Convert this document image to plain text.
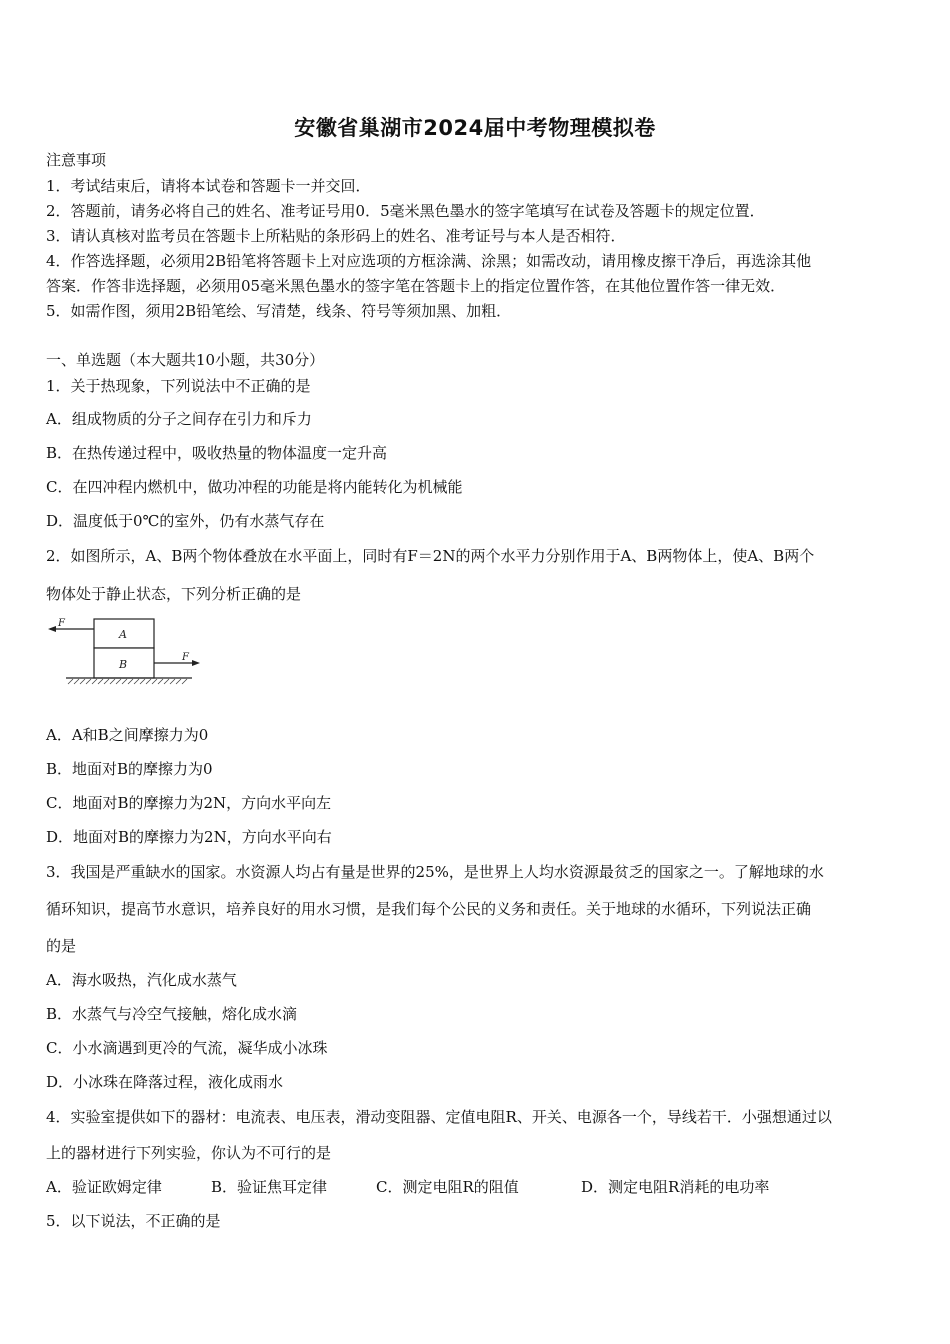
安徽省巢湖市2024届中考物理模拟卷
注意事项
1．考试结束后，请将本试卷和答题卡一并交回．
2．答题前，请务必将自己的姓名、准考证号用0．5毫米黑色墨水的签字笔填写在试卷及答题卡的规定位置．
3．请认真核对监考员在答题卡上所粘贴的条形码上的姓名、准考证号与本人是否相符．
4．作答选择题，必须用2B铅笔将答题卡上对应选项的方框涂满、涂黑；如需改动，请用橡皮擦干净后，再选涂其他
答案．作答非选择题，必须用05毫米黑色墨水的签字笔在答题卡上的指定位置作答，在其他位置作答一律无效．
5．如需作图，须用2B铅笔绘、写清楚，线条、符号等须加黑、加粗．
一、单选题（本大题共10小题，共30分）
1．关于热现象，下列说法中不正确的是
A．组成物质的分子之间存在引力和斥力
B．在热传递过程中，吸收热量的物体温度一定升高
C．在四冲程内燃机中，做功冲程的功能是将内能转化为机械能
D．温度低于0℃的室外，仍有水蒸气存在
2．如图所示，A、B两个物体叠放在水平面上，同时有F＝2N的两个水平力分别作用于A、B两物体上，使A、B两个
物体处于静止状态，下列分析正确的是
F
A
B
F
A．A和B之间摩擦力为0
B．地面对B的摩擦力为0
C．地面对B的摩擦力为2N，方向水平向左
D．地面对B的摩擦力为2N，方向水平向右
3．我国是严重缺水的国家。水资源人均占有量是世界的25%，是世界上人均水资源最贫乏的国家之一。了解地球的水
循环知识，提高节水意识，培养良好的用水习惯，是我们每个公民的义务和责任。关于地球的水循环，下列说法正确
的是
A．海水吸热，汽化成水蒸气
B．水蒸气与冷空气接触，熔化成水滴
C．小水滴遇到更冷的气流，凝华成小冰珠
D．小冰珠在降落过程，液化成雨水
4．实验室提供如下的器材：电流表、电压表，滑动变阻器、定值电阻R、开关、电源各一个，导线若干．小强想通过以
上的器材进行下列实验，你认为不可行的是
A．验证欧姆定律	B．验证焦耳定律	C．测定电阻R的阻值	D．测定电阻R消耗的电功率
5．以下说法，不正确的是
